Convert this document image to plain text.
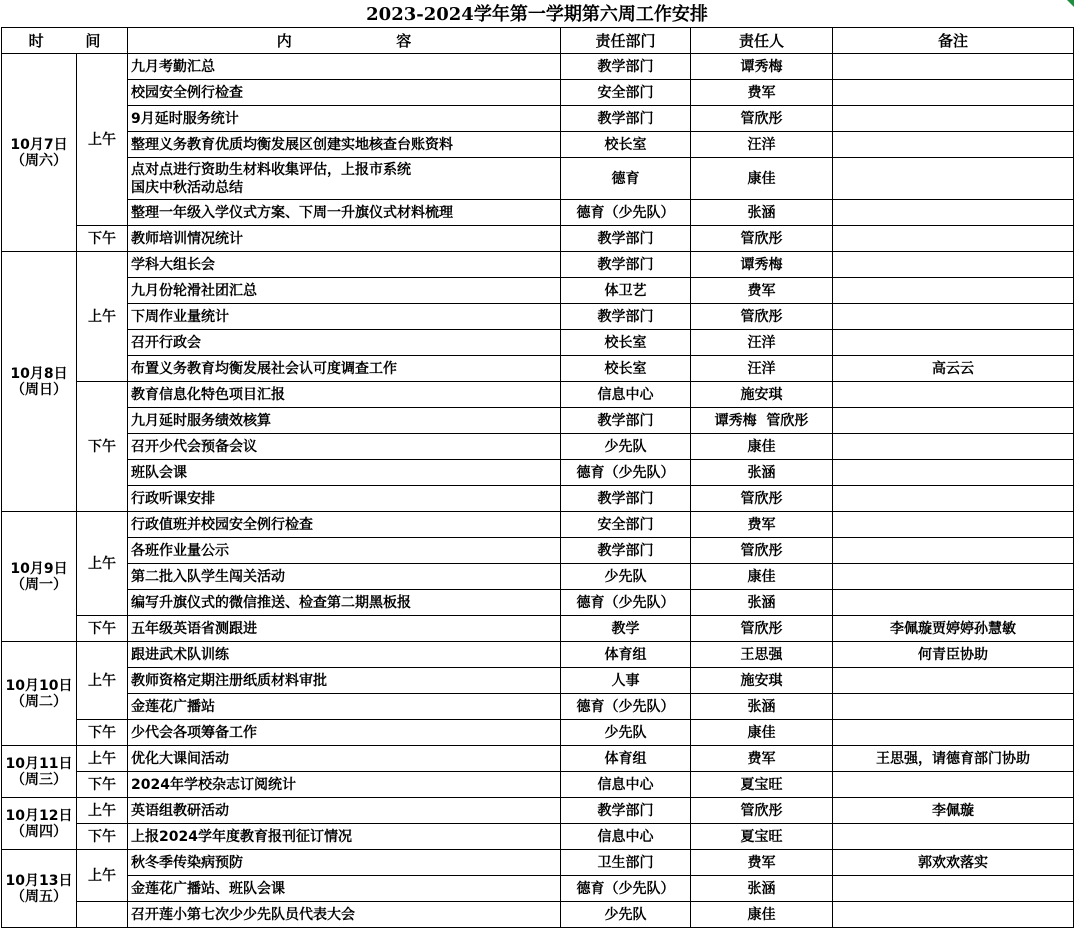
2023-2024学年第一学期第六周工作安排
时        间		内                    容	责任部门	责任人	备注

10月7日
（周六）	上午	九月考勤汇总	教学部门	谭秀梅	
		校园安全例行检查	安全部门	费军	
		9月延时服务统计	教学部门	管欣彤	
		整理义务教育优质均衡发展区创建实地核查台账资料	校长室	汪洋	

		点对点进行资助生材料收集评估，上报市系统
国庆中秋活动总结	德育	康佳	
		整理一年级入学仪式方案、下周一升旗仪式材料梳理	德育（少先队）	张涵	
	下午	教师培训情况统计	教学部门	管欣彤	

10月8日
（周日）	上午	学科大组长会	教学部门	谭秀梅	
		九月份轮滑社团汇总	体卫艺	费军	
		下周作业量统计	教学部门	管欣彤	
		召开行政会	校长室	汪洋	
		布置义务教育均衡发展社会认可度调查工作	校长室	汪洋	高云云
	下午	教育信息化特色项目汇报	信息中心	施安琪	
		九月延时服务绩效核算	教学部门	谭秀梅  管欣彤	
		召开少代会预备会议	少先队	康佳	
		班队会课	德育（少先队）	张涵	
		行政听课安排	教学部门	管欣彤	

10月9日
（周一）	上午	行政值班并校园安全例行检查	安全部门	费军	
		各班作业量公示	教学部门	管欣彤	
		第二批入队学生闯关活动	少先队	康佳	
		编写升旗仪式的微信推送、检查第二期黑板报	德育（少先队）	张涵	
	下午	五年级英语省测跟进	教学	管欣彤	李佩璇贾婷婷孙慧敏

10月10日
（周二）	上午	跟进武术队训练	体育组	王思强	何青臣协助
		教师资格定期注册纸质材料审批	人事	施安琪	
		金莲花广播站	德育（少先队）	张涵	
	下午	少代会各项筹备工作	少先队	康佳	

10月11日
（周三）	上午	优化大课间活动	体育组	费军	王思强，请德育部门协助
	下午	2024年学校杂志订阅统计	信息中心	夏宝旺	

10月12日
（周四）	上午	英语组教研活动	教学部门	管欣彤	李佩璇
	下午	上报2024学年度教育报刊征订情况	信息中心	夏宝旺	

10月13日
（周五）	上午	秋冬季传染病预防	卫生部门	费军	郭欢欢落实
		金莲花广播站、班队会课	德育（少先队）	张涵	
		召开莲小第七次少少先队员代表大会	少先队	康佳	
